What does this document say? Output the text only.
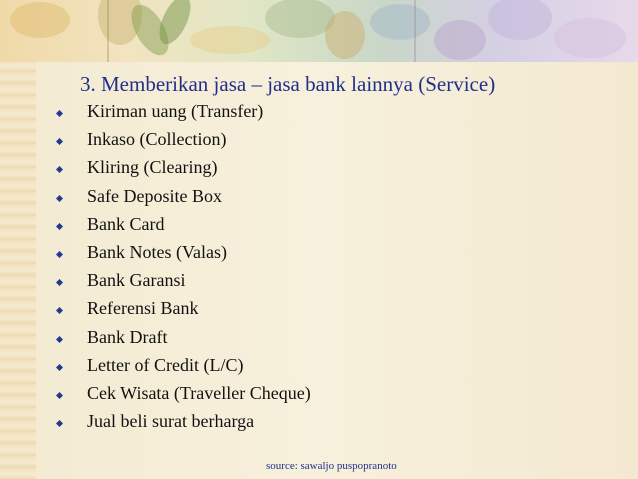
3. Memberikan jasa – jasa bank lainnya (Service)
Kiriman uang (Transfer)
Inkaso (Collection)
Kliring (Clearing)
Safe Deposite Box
Bank Card
Bank Notes (Valas)
Bank Garansi
Referensi Bank
Bank Draft
Letter of Credit (L/C)
Cek Wisata (Traveller Cheque)
Jual beli surat berharga
source: sawaljo puspopranoto
